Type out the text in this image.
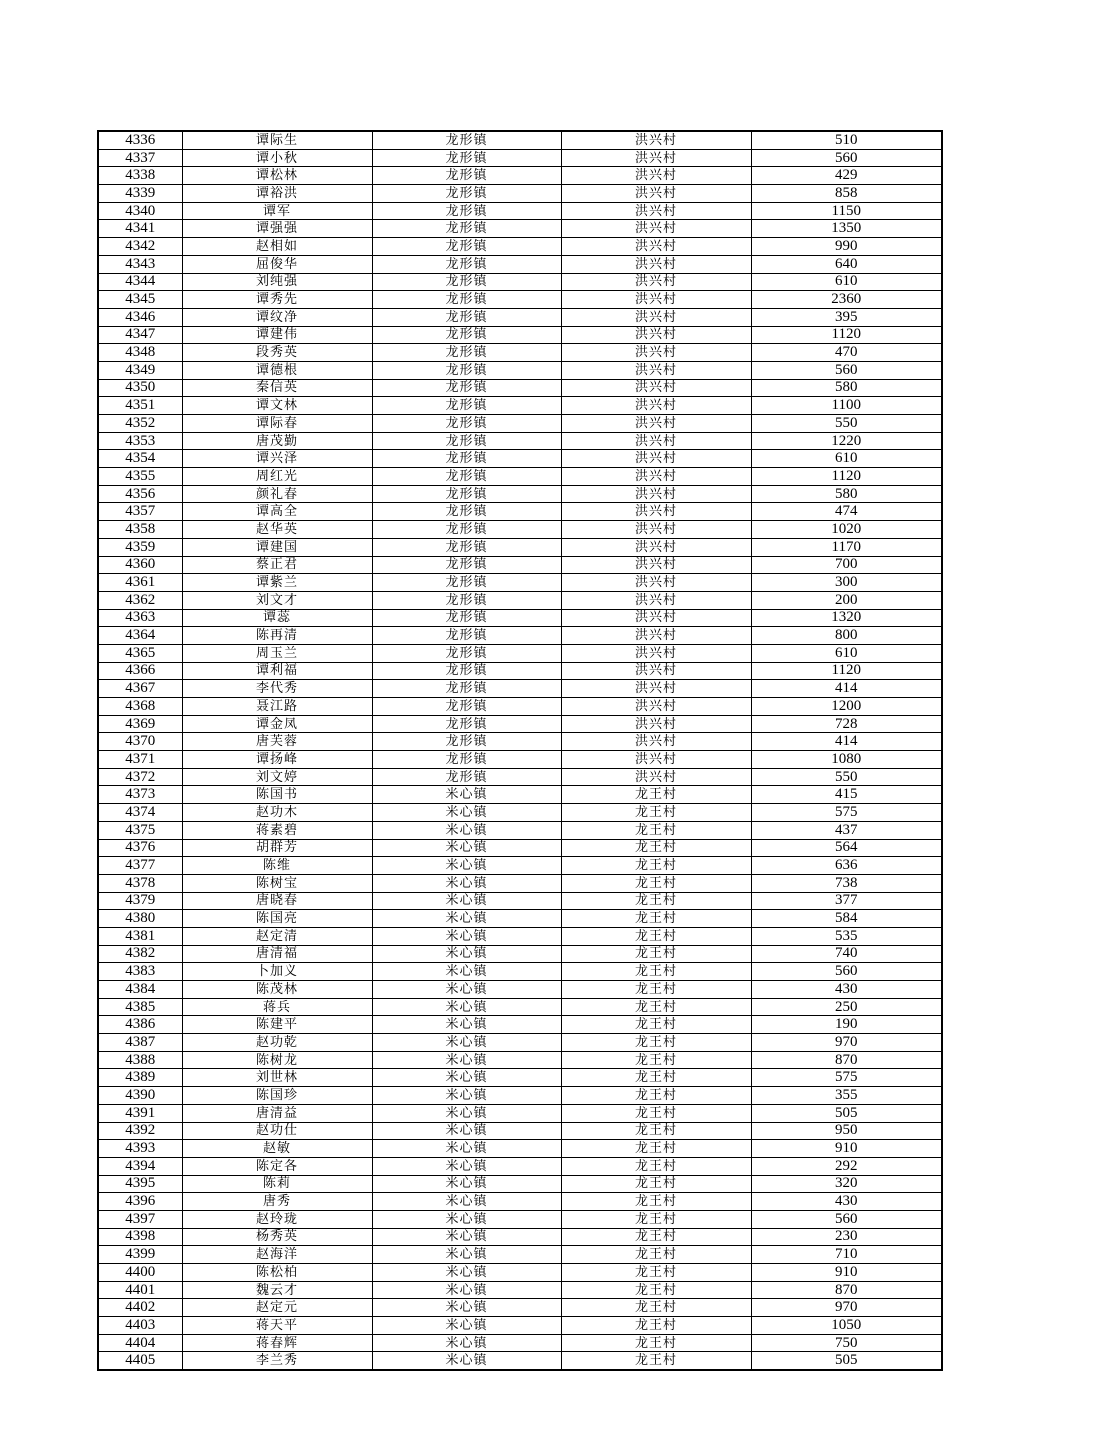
4336	谭际生	龙形镇	洪兴村	510
4337	谭小秋	龙形镇	洪兴村	560
4338	谭松林	龙形镇	洪兴村	429
4339	谭裕洪	龙形镇	洪兴村	858
4340	谭军	龙形镇	洪兴村	1150
4341	谭强强	龙形镇	洪兴村	1350
4342	赵相如	龙形镇	洪兴村	990
4343	屈俊华	龙形镇	洪兴村	640
4344	刘纯强	龙形镇	洪兴村	610
4345	谭秀先	龙形镇	洪兴村	2360
4346	谭纹净	龙形镇	洪兴村	395
4347	谭建伟	龙形镇	洪兴村	1120
4348	段秀英	龙形镇	洪兴村	470
4349	谭德根	龙形镇	洪兴村	560
4350	秦信英	龙形镇	洪兴村	580
4351	谭文林	龙形镇	洪兴村	1100
4352	谭际春	龙形镇	洪兴村	550
4353	唐茂勤	龙形镇	洪兴村	1220
4354	谭兴泽	龙形镇	洪兴村	610
4355	周红光	龙形镇	洪兴村	1120
4356	颜礼春	龙形镇	洪兴村	580
4357	谭高全	龙形镇	洪兴村	474
4358	赵华英	龙形镇	洪兴村	1020
4359	谭建国	龙形镇	洪兴村	1170
4360	蔡正君	龙形镇	洪兴村	700
4361	谭紫兰	龙形镇	洪兴村	300
4362	刘文才	龙形镇	洪兴村	200
4363	谭蕊	龙形镇	洪兴村	1320
4364	陈再清	龙形镇	洪兴村	800
4365	周玉兰	龙形镇	洪兴村	610
4366	谭利福	龙形镇	洪兴村	1120
4367	李代秀	龙形镇	洪兴村	414
4368	聂江路	龙形镇	洪兴村	1200
4369	谭金凤	龙形镇	洪兴村	728
4370	唐芙蓉	龙形镇	洪兴村	414
4371	谭扬峰	龙形镇	洪兴村	1080
4372	刘文婷	龙形镇	洪兴村	550
4373	陈国书	米心镇	龙王村	415
4374	赵功木	米心镇	龙王村	575
4375	蒋素碧	米心镇	龙王村	437
4376	胡群芳	米心镇	龙王村	564
4377	陈维	米心镇	龙王村	636
4378	陈树宝	米心镇	龙王村	738
4379	唐晓春	米心镇	龙王村	377
4380	陈国亮	米心镇	龙王村	584
4381	赵定清	米心镇	龙王村	535
4382	唐清福	米心镇	龙王村	740
4383	卜加义	米心镇	龙王村	560
4384	陈茂林	米心镇	龙王村	430
4385	蒋兵	米心镇	龙王村	250
4386	陈建平	米心镇	龙王村	190
4387	赵功乾	米心镇	龙王村	970
4388	陈树龙	米心镇	龙王村	870
4389	刘世林	米心镇	龙王村	575
4390	陈国珍	米心镇	龙王村	355
4391	唐清益	米心镇	龙王村	505
4392	赵功仕	米心镇	龙王村	950
4393	赵敏	米心镇	龙王村	910
4394	陈定各	米心镇	龙王村	292
4395	陈莉	米心镇	龙王村	320
4396	唐秀	米心镇	龙王村	430
4397	赵玲珑	米心镇	龙王村	560
4398	杨秀英	米心镇	龙王村	230
4399	赵海洋	米心镇	龙王村	710
4400	陈松柏	米心镇	龙王村	910
4401	魏云才	米心镇	龙王村	870
4402	赵定元	米心镇	龙王村	970
4403	蒋天平	米心镇	龙王村	1050
4404	蒋春辉	米心镇	龙王村	750
4405	李兰秀	米心镇	龙王村	505
